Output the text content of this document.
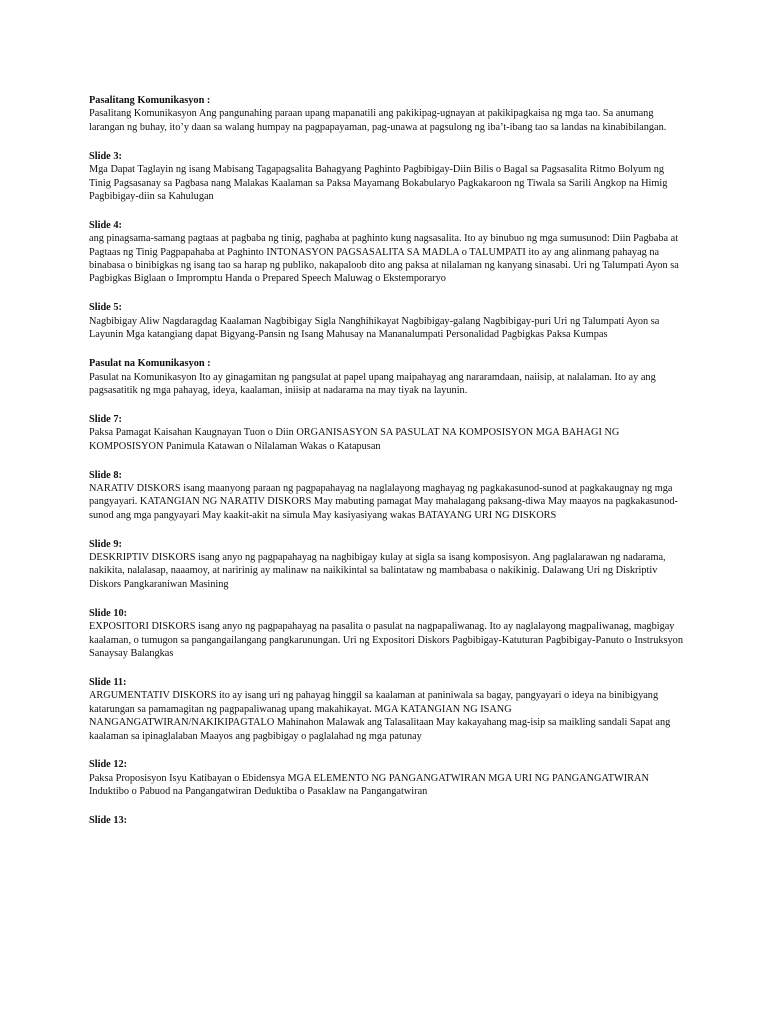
Pasalitang Komunikasyon :
Pasalitang Komunikasyon Ang pangunahing paraan upang mapanatili ang pakikipag-ugnayan at pakikipagkaisa ng mga tao. Sa anumang larangan ng buhay, ito’y daan sa walang humpay na pagpapayaman, pag-unawa at pagsulong ng iba’t-ibang tao sa landas na kinabibilangan.
Slide 3:
Mga Dapat Taglayin ng isang Mabisang Tagapagsalita Bahagyang Paghinto Pagbibigay-Diin Bilis o Bagal sa Pagsasalita Ritmo Bolyum ng Tinig Pagsasanay sa Pagbasa nang Malakas Kaalaman sa Paksa Mayamang Bokabularyo Pagkakaroon ng Tiwala sa Sarili Angkop na Himig Pagbibigay-diin sa Kahulugan
Slide 4:
ang pinagsama-samang pagtaas at pagbaba ng tinig, paghaba at paghinto kung nagsasalita. Ito ay binubuo ng mga sumusunod: Diin Pagbaba at Pagtaas ng Tinig Pagpapahaba at Paghinto INTONASYON PAGSASALITA SA MADLA o TALUMPATI ito ay ang alinmang pahayag na binabasa o binibigkas ng isang tao sa harap ng publiko, nakapaloob dito ang paksa at nilalaman ng kanyang sinasabi. Uri ng Talumpati Ayon sa Pagbigkas Biglaan o Impromptu Handa o Prepared Speech Maluwag o Ekstemporaryo
Slide 5:
Nagbibigay Aliw Nagdaragdag Kaalaman Nagbibigay Sigla Nanghihikayat Nagbibigay-galang Nagbibigay-puri Uri ng Talumpati Ayon sa Layunin Mga katangiang dapat Bigyang-Pansin ng Isang Mahusay na Mananalumpati Personalidad Pagbigkas Paksa Kumpas
Pasulat na Komunikasyon :
Pasulat na Komunikasyon Ito ay ginagamitan ng pangsulat at papel upang maipahayag ang nararamdaan, naiisip, at nalalaman. Ito ay ang pagsasatitik ng mga pahayag, ideya, kaalaman, iniisip at nadarama na may tiyak na layunin.
Slide 7:
Paksa Pamagat Kaisahan Kaugnayan Tuon o Diin ORGANISASYON SA PASULAT NA KOMPOSISYON MGA BAHAGI NG KOMPOSISYON Panimula Katawan o Nilalaman Wakas o Katapusan
Slide 8:
NARATIV DISKORS isang maanyong paraan ng pagpapahayag na naglalayong maghayag ng pagkakasunod-sunod at pagkakaugnay ng mga pangyayari. KATANGIAN NG NARATIV DISKORS May mabuting pamagat May mahalagang paksang-diwa May maayos na pagkakasunod-sunod ang mga pangyayari May kaakit-akit na simula May kasiyasiyang wakas BATAYANG URI NG DISKORS
Slide 9:
DESKRIPTIV DISKORS isang anyo ng pagpapahayag na nagbibigay kulay at sigla sa isang komposisyon. Ang paglalarawan ng nadarama, nakikita, nalalasap, naaamoy, at naririnig ay malinaw na naikikintal sa balintataw ng mambabasa o nakikinig. Dalawang Uri ng Diskriptiv Diskors Pangkaraniwan Masining
Slide 10:
EXPOSITORI DISKORS isang anyo ng pagpapahayag na pasalita o pasulat na nagpapaliwanag. Ito ay naglalayong magpaliwanag, magbigay kaalaman, o tumugon sa pangangailangang pangkarunungan. Uri ng Expositori Diskors Pagbibigay-Katuturan Pagbibigay-Panuto o Instruksyon Sanaysay Balangkas
Slide 11:
ARGUMENTATIV DISKORS ito ay isang uri ng pahayag hinggil sa kaalaman at paniniwala sa bagay, pangyayari o ideya na binibigyang katarungan sa pamamagitan ng pagpapaliwanag upang makahikayat. MGA KATANGIAN NG ISANG NANGANGATWIRAN/NAKIKIPAGTALO Mahinahon Malawak ang Talasalitaan May kakayahang mag-isip sa maikling sandali Sapat ang kaalaman sa ipinaglalaban Maayos ang pagbibigay o paglalahad ng mga patunay
Slide 12:
Paksa Proposisyon Isyu Katibayan o Ebidensya MGA ELEMENTO NG PANGANGATWIRAN MGA URI NG PANGANGATWIRAN Induktibo o Pabuod na Pangangatwiran Deduktiba o Pasaklaw na Pangangatwiran
Slide 13:
